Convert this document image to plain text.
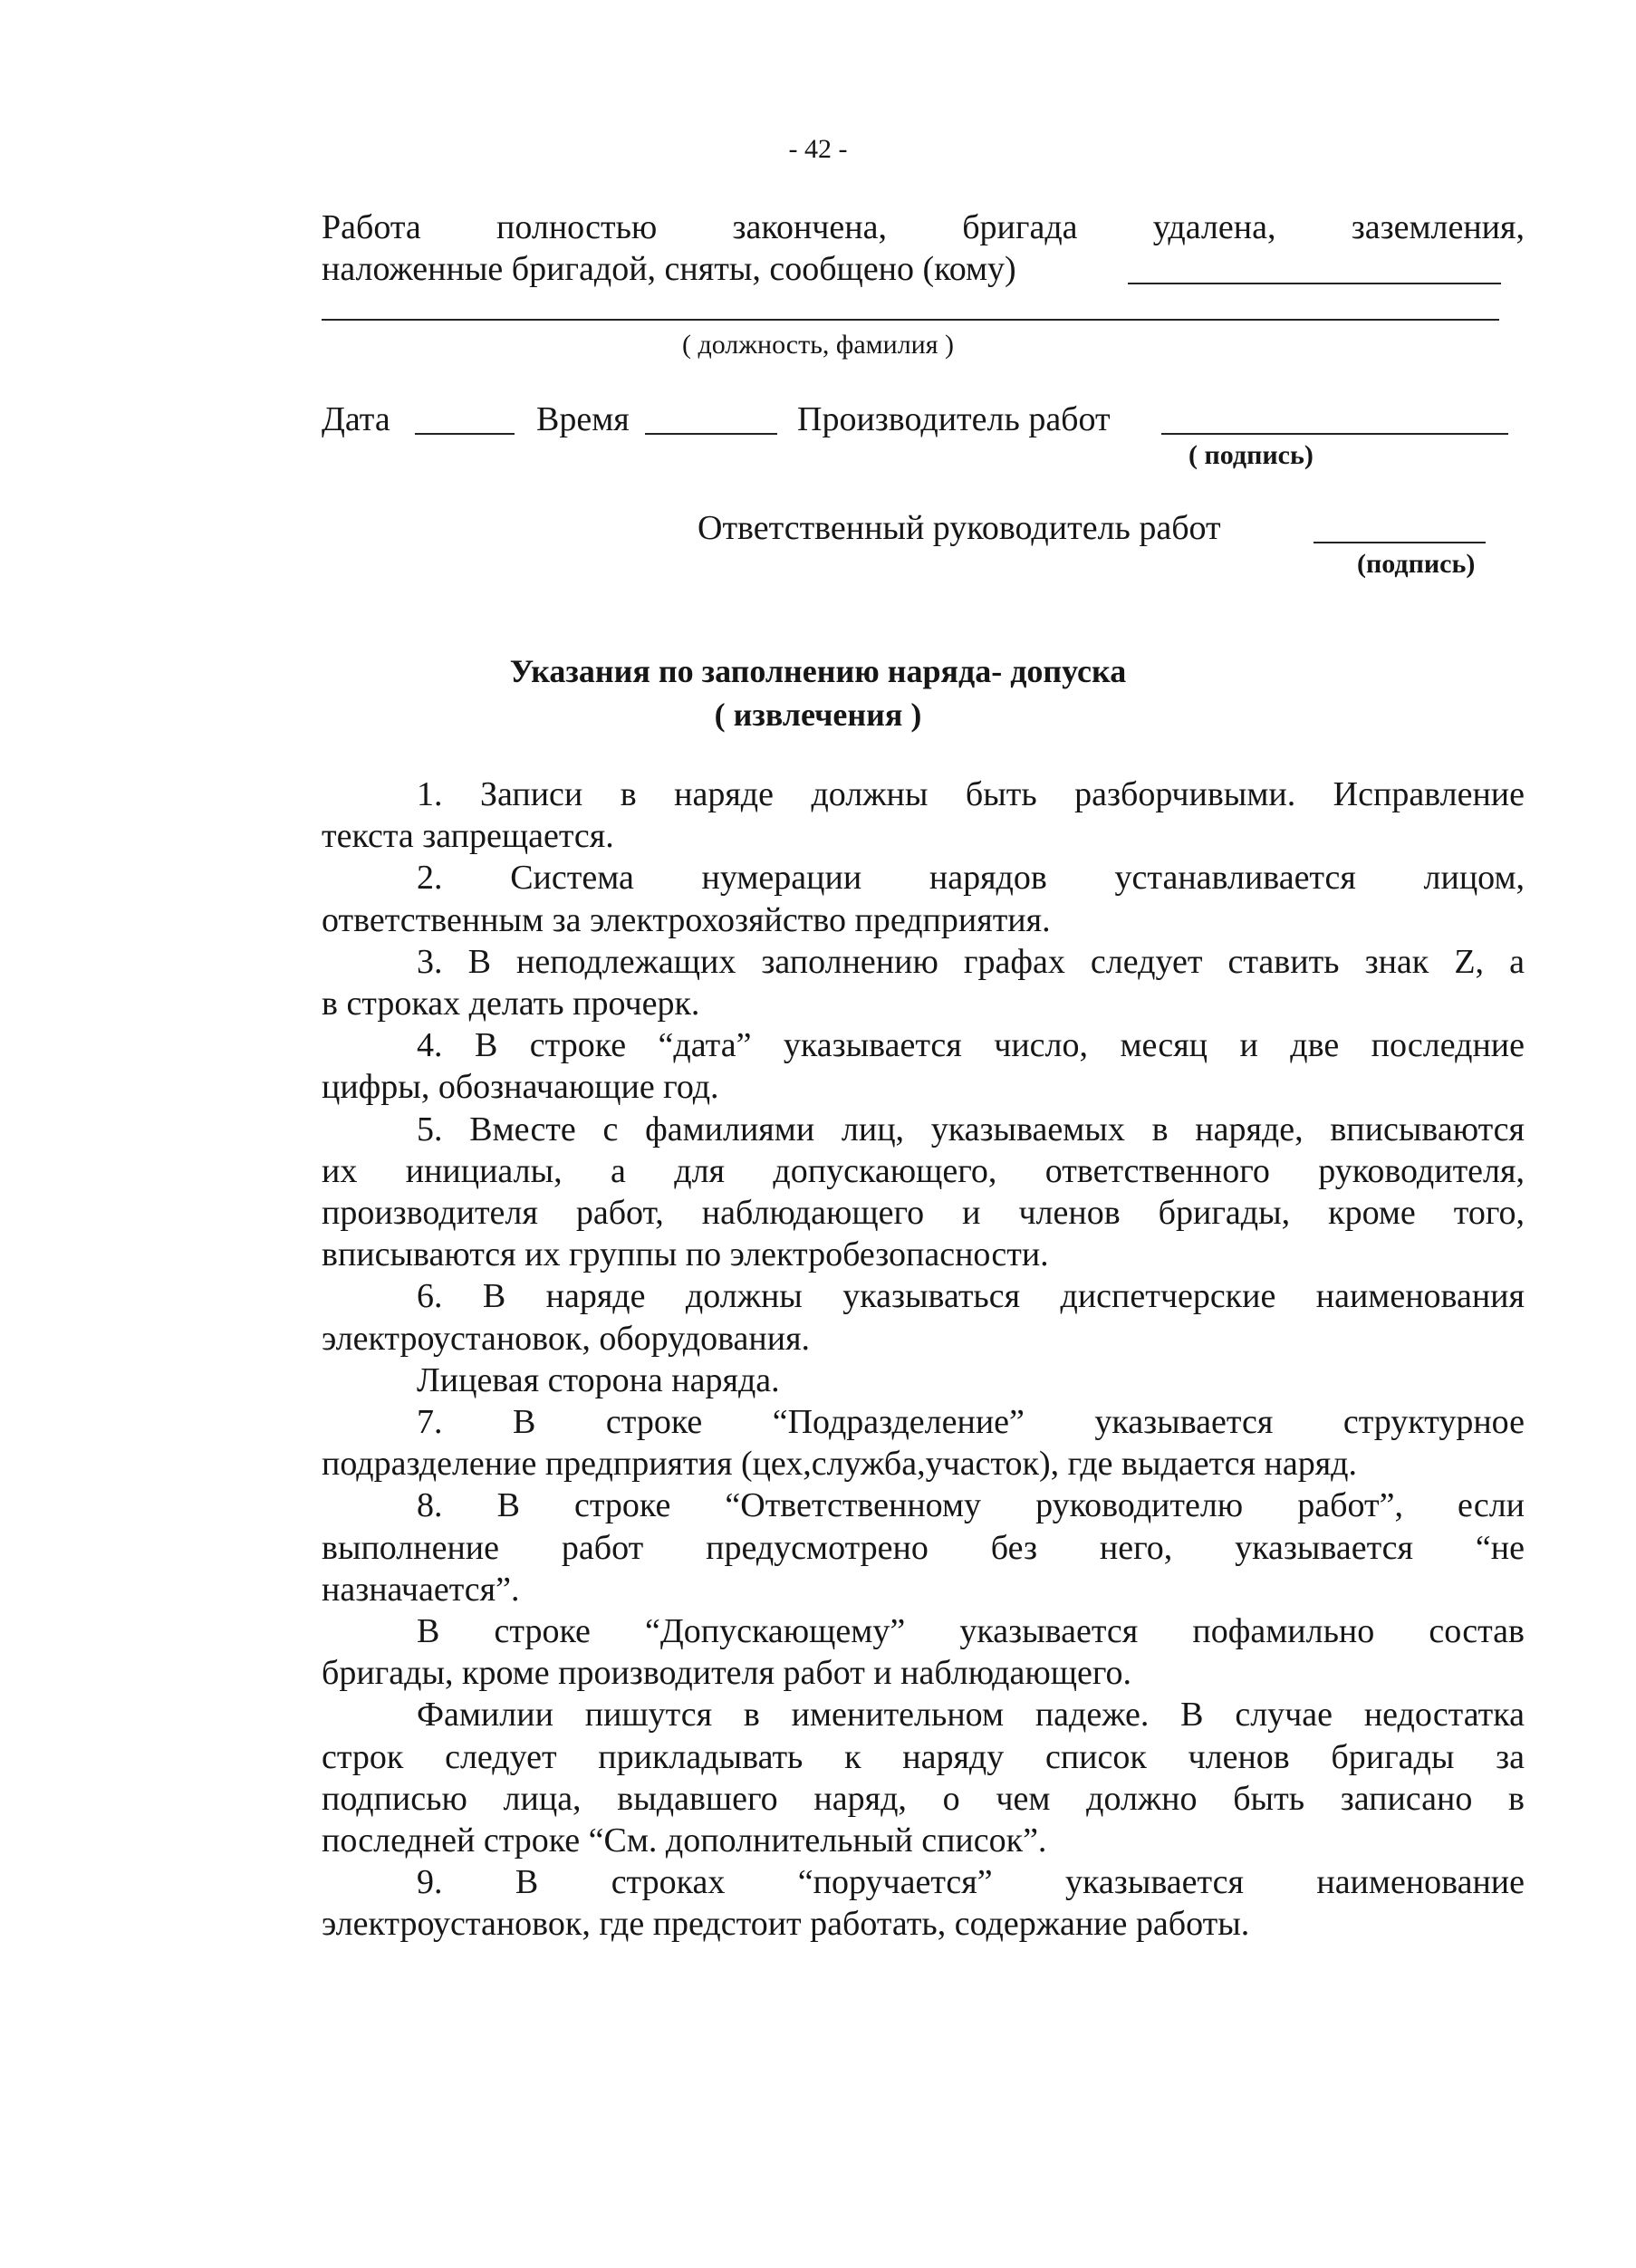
- 42 -
Работа полностью закончена, бригада удалена, заземления,
наложенные бригадой, сняты, сообщено (кому)
( должность, фамилия )
Дата	Время	Производитель работ
( подпись)
Ответственный руководитель работ
(подпись)
Указания по заполнению наряда- допуска
( извлечения )
1. Записи в наряде должны быть разборчивыми. Исправление
текста запрещается.
2. Система нумерации нарядов устанавливается лицом,
ответственным за электрохозяйство предприятия.
3. В неподлежащих заполнению графах следует ставить знак Z, а
в строках делать прочерк.
4. В строке “дата” указывается число, месяц и две последние
цифры, обозначающие год.
5. Вместе с фамилиями лиц, указываемых в наряде, вписываются
их инициалы, а для допускающего, ответственного руководителя,
производителя работ, наблюдающего и членов бригады, кроме того,
вписываются их группы по электробезопасности.
6. В наряде должны указываться диспетчерские наименования
электроустановок, оборудования.
Лицевая сторона наряда.
7. В строке “Подразделение” указывается структурное
подразделение предприятия (цех,служба,участок), где выдается наряд.
8. В строке “Ответственному руководителю работ”, если
выполнение работ предусмотрено без него, указывается “не
назначается”.
В строке “Допускающему” указывается пофамильно состав
бригады, кроме производителя работ и наблюдающего.
Фамилии пишутся в именительном падеже. В случае недостатка
строк следует прикладывать к наряду список членов бригады за
подписью лица, выдавшего наряд, о чем должно быть записано в
последней строке “См. дополнительный список”.
9. В строках “поручается” указывается наименование
электроустановок, где предстоит работать, содержание работы.
